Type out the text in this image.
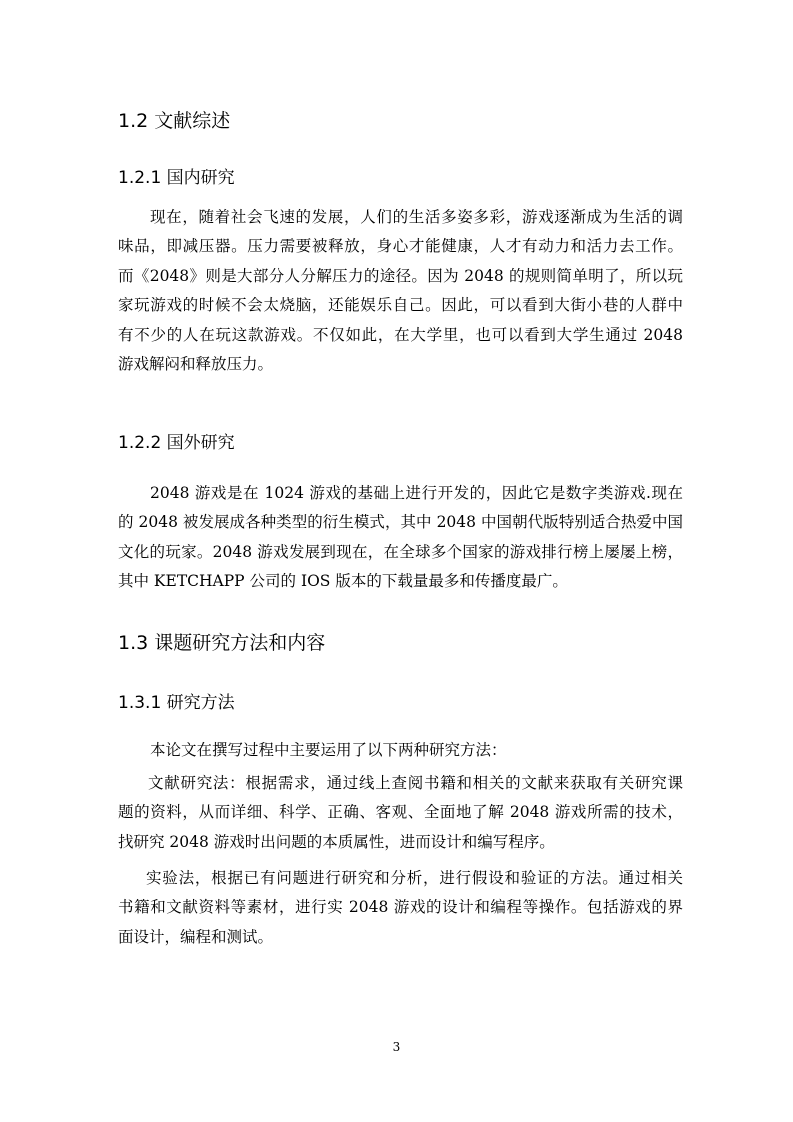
1.2 文献综述
1.2.1 国内研究
现在，随着社会飞速的发展，人们的生活多姿多彩，游戏逐渐成为生活的调
味品，即减压器。压力需要被释放，身心才能健康，人才有动力和活力去工作。
而《2048》则是大部分人分解压力的途径。因为 2048 的规则简单明了，所以玩
家玩游戏的时候不会太烧脑，还能娱乐自己。因此，可以看到大街小巷的人群中
有不少的人在玩这款游戏。不仅如此，在大学里，也可以看到大学生通过 2048
游戏解闷和释放压力。
1.2.2 国外研究
2048 游戏是在 1024 游戏的基础上进行开发的，因此它是数字类游戏.现在
的 2048 被发展成各种类型的衍生模式，其中 2048 中国朝代版特别适合热爱中国
文化的玩家。2048 游戏发展到现在，在全球多个国家的游戏排行榜上屡屡上榜，
其中 KETCHAPP 公司的 IOS 版本的下载量最多和传播度最广。
1.3 课题研究方法和内容
1.3.1 研究方法
本论文在撰写过程中主要运用了以下两种研究方法：
文献研究法：根据需求，通过线上查阅书籍和相关的文献来获取有关研究课
题的资料，从而详细、科学、正确、客观、全面地了解 2048 游戏所需的技术，
找研究 2048 游戏时出问题的本质属性，进而设计和编写程序。
实验法，根据已有问题进行研究和分析，进行假设和验证的方法。通过相关
书籍和文献资料等素材，进行实 2048 游戏的设计和编程等操作。包括游戏的界
面设计，编程和测试。
3
